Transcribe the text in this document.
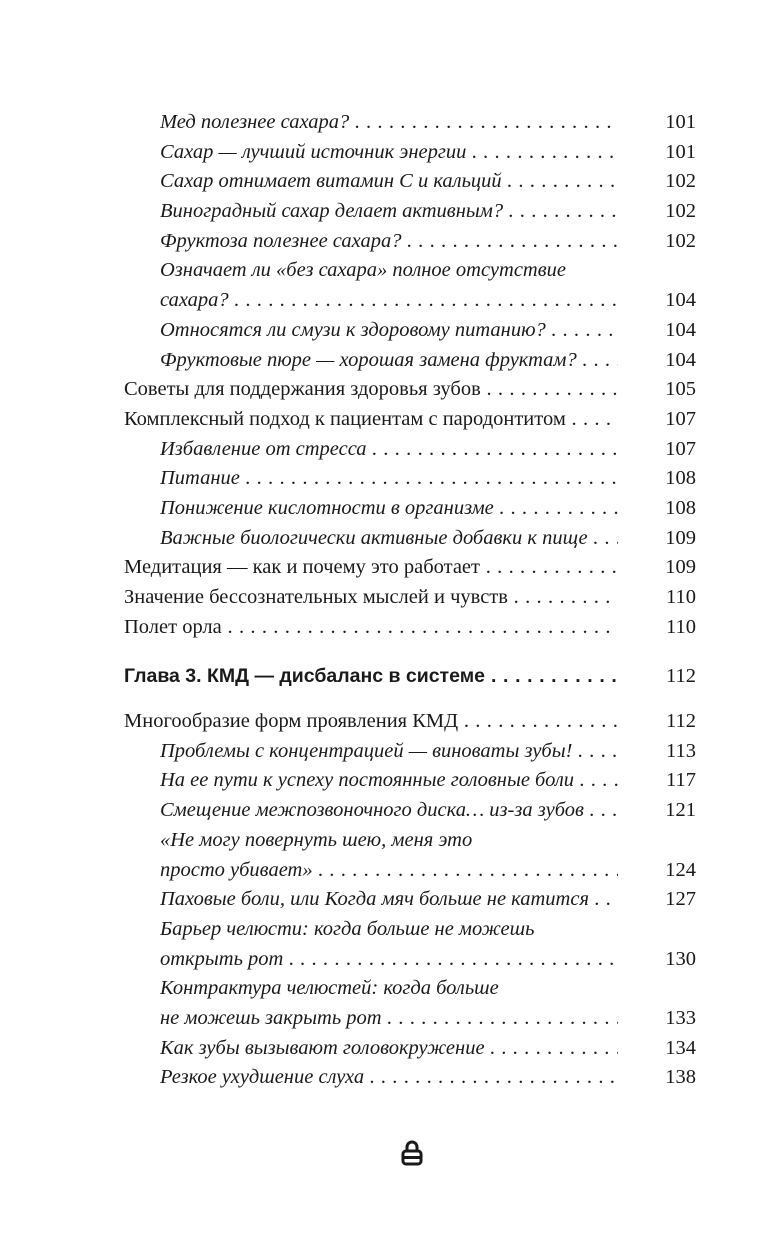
Мед полезнее сахара? . . .	101
Сахар — лучший источник энергии . . .	101
Сахар отнимает витамин С и кальций . . .	102
Виноградный сахар делает активным? . . .	102
Фруктоза полезнее сахара? . . .	102
Означает ли «без сахара» полное отсутствие
сахара? . . .	104
Относятся ли смузи к здоровому питанию? . . .	104
Фруктовые пюре — хорошая замена фруктам? . . .	104
Советы для поддержания здоровья зубов . . .	105
Комплексный подход к пациентам с пародонтитом . . .	107
Избавление от стресса . . .	107
Питание . . .	108
Понижение кислотности в организме . . .	108
Важные биологически активные добавки к пище . . .	109
Медитация — как и почему это работает . . .	109
Значение бессознательных мыслей и чувств . . .	110
Полет орла . . .	110
Глава 3. КМД — дисбаланс в системе . . .	112
Многообразие форм проявления КМД . . .	112
Проблемы с концентрацией — виноваты зубы! . . .	113
На ее пути к успеху постоянные головные боли . . .	117
Смещение межпозвоночного диска… из-за зубов . . .	121
«Не могу повернуть шею, меня это
просто убивает» . . .	124
Паховые боли, или Когда мяч больше не катится . . .	127
Барьер челюсти: когда больше не можешь
открыть рот . . .	130
Контрактура челюстей: когда больше
не можешь закрыть рот . . .	133
Как зубы вызывают головокружение . . .	134
Резкое ухудшение слуха . . .	138
